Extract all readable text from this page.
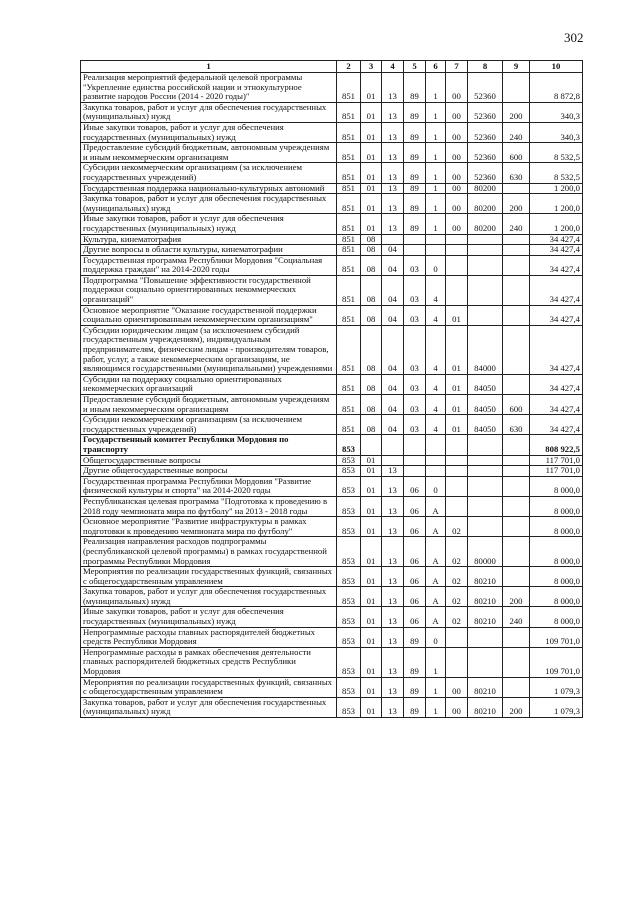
302
1	2	3	4	5	6	7	8	9	10
Реализация мероприятий федеральной целевой программы "Укрепление единства российской нации и этнокультурное развитие народов России (2014 - 2020 годы)"	851	01	13	89	1	00	52360		8 872,8
Закупка товаров, работ и услуг для обеспечения государственных (муниципальных) нужд	851	01	13	89	1	00	52360	200	340,3
Иные закупки товаров, работ и услуг для обеспечения государственных (муниципальных) нужд	851	01	13	89	1	00	52360	240	340,3
Предоставление субсидий бюджетным, автономным учреждениям и иным некоммерческим организациям	851	01	13	89	1	00	52360	600	8 532,5
Субсидии некоммерческим организациям (за исключением государственных учреждений)	851	01	13	89	1	00	52360	630	8 532,5
Государственная поддержка национально-культурных автономий	851	01	13	89	1	00	80200		1 200,0
Закупка товаров, работ и услуг для обеспечения государственных (муниципальных) нужд	851	01	13	89	1	00	80200	200	1 200,0
Иные закупки товаров, работ и услуг для обеспечения государственных (муниципальных) нужд	851	01	13	89	1	00	80200	240	1 200,0
Культура, кинематография	851	08							34 427,4
Другие вопросы в области культуры, кинематографии	851	08	04						34 427,4
Государственная программа Республики Мордовия "Социальная поддержка граждан" на 2014-2020 годы	851	08	04	03	0				34 427,4
Подпрограмма "Повышение эффективности государственной поддержки социально ориентированных некоммерческих организаций"	851	08	04	03	4				34 427,4
Основное мероприятие "Оказание государственной поддержки социально ориентированным некоммерческим организациям"	851	08	04	03	4	01			34 427,4
Субсидии юридическим лицам (за исключением субсидий государственным учреждениям), индивидуальным предпринимателям, физическим лицам - производителям товаров, работ, услуг, а также некоммерческим организациям, не являющимся государственными (муниципальными) учреждениями	851	08	04	03	4	01	84000		34 427,4
Субсидии на поддержку социально ориентированных некоммерческих организаций	851	08	04	03	4	01	84050		34 427,4
Предоставление субсидий бюджетным, автономным учреждениям и иным некоммерческим организациям	851	08	04	03	4	01	84050	600	34 427,4
Субсидии некоммерческим организациям (за исключением государственных учреждений)	851	08	04	03	4	01	84050	630	34 427,4
Государственный комитет Республики Мордовия по транспорту	853								808 922,5
Общегосударственные вопросы	853	01							117 701,0
Другие общегосударственные вопросы	853	01	13						117 701,0
Государственная программа Республики Мордовия "Развитие физической культуры и спорта" на 2014-2020 годы	853	01	13	06	0				8 000,0
Республиканская целевая программа "Подготовка к проведению в 2018 году чемпионата мира по футболу" на 2013 - 2018 годы	853	01	13	06	А				8 000,0
Основное мероприятие "Развитие инфраструктуры в рамках подготовки к проведению чемпионата мира по футболу"	853	01	13	06	А	02			8 000,0
Реализация направления расходов подпрограммы (республиканской целевой программы) в рамках государственной программы Республики Мордовия	853	01	13	06	А	02	80000		8 000,0
Мероприятия по реализации государственных функций, связанных с общегосударственным управлением	853	01	13	06	А	02	80210		8 000,0
Закупка товаров, работ и услуг для обеспечения государственных (муниципальных) нужд	853	01	13	06	А	02	80210	200	8 000,0
Иные закупки товаров, работ и услуг для обеспечения государственных (муниципальных) нужд	853	01	13	06	А	02	80210	240	8 000,0
Непрограммные расходы главных распорядителей бюджетных средств Республики Мордовия	853	01	13	89	0				109 701,0
Непрограммные расходы в рамках обеспечения деятельности главных распорядителей бюджетных средств Республики Мордовия	853	01	13	89	1				109 701,0
Мероприятия по реализации государственных функций, связанных с общегосударственным управлением	853	01	13	89	1	00	80210		1 079,3
Закупка товаров, работ и услуг для обеспечения государственных (муниципальных) нужд	853	01	13	89	1	00	80210	200	1 079,3
